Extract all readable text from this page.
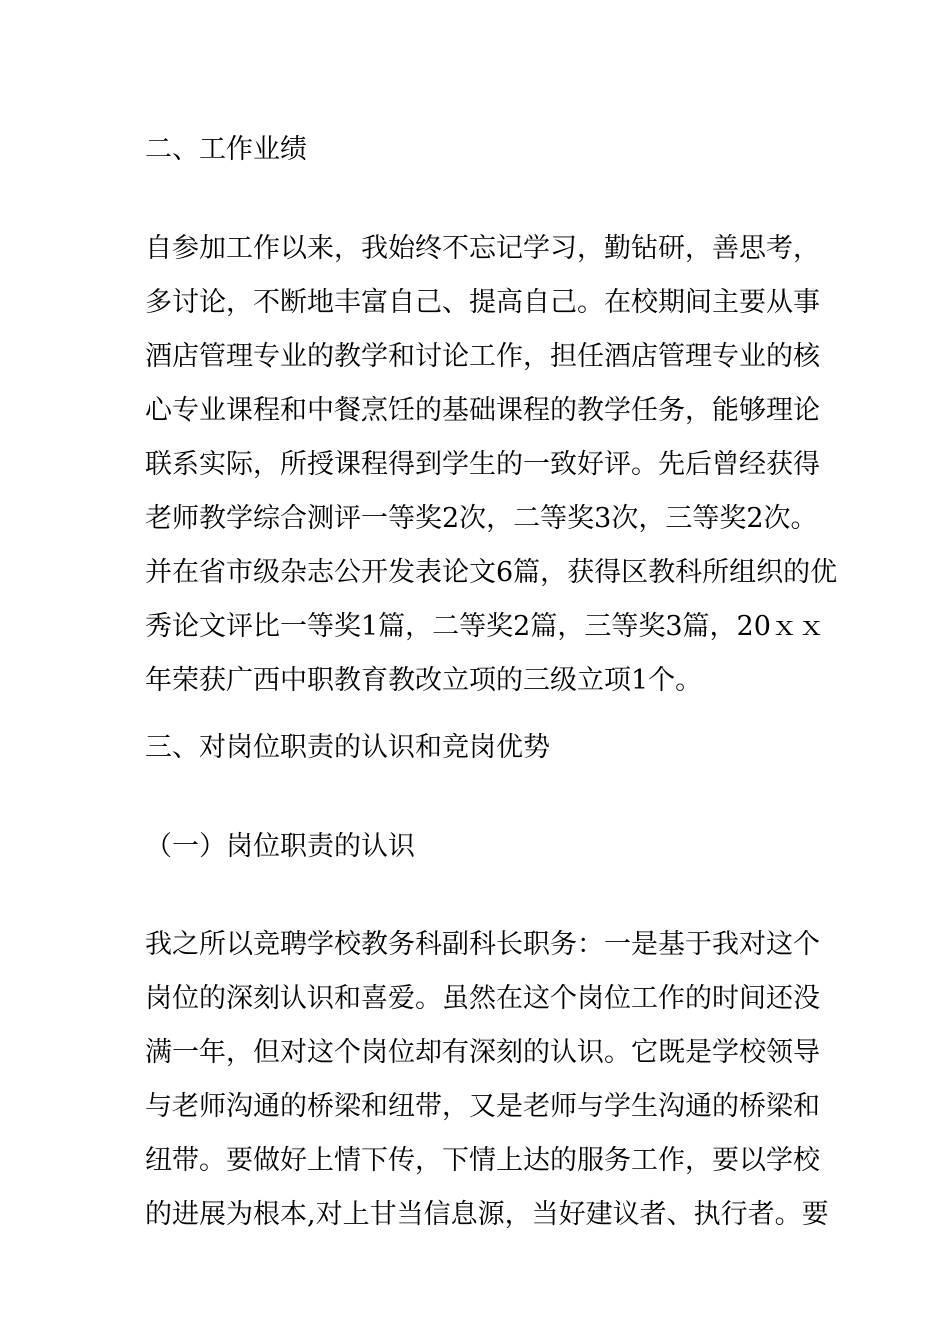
二、工作业绩
自参加工作以来，我始终不忘记学习，勤钻研，善思考，
多讨论，不断地丰富自己、提高自己。在校期间主要从事
酒店管理专业的教学和讨论工作，担任酒店管理专业的核
心专业课程和中餐烹饪的基础课程的教学任务，能够理论
联系实际，所授课程得到学生的一致好评。先后曾经获得
老师教学综合测评一等奖2次，二等奖3次，三等奖2次。
并在省市级杂志公开发表论文6篇，获得区教科所组织的优
秀论文评比一等奖1篇，二等奖2篇，三等奖3篇，20ｘｘ
年荣获广西中职教育教改立项的三级立项1个。
三、对岗位职责的认识和竞岗优势
（一）岗位职责的认识
我之所以竞聘学校教务科副科长职务：一是基于我对这个
岗位的深刻认识和喜爱。虽然在这个岗位工作的时间还没
满一年，但对这个岗位却有深刻的认识。它既是学校领导
与老师沟通的桥梁和纽带，又是老师与学生沟通的桥梁和
纽带。要做好上情下传，下情上达的服务工作，要以学校
的进展为根本,对上甘当信息源，当好建议者、执行者。要
